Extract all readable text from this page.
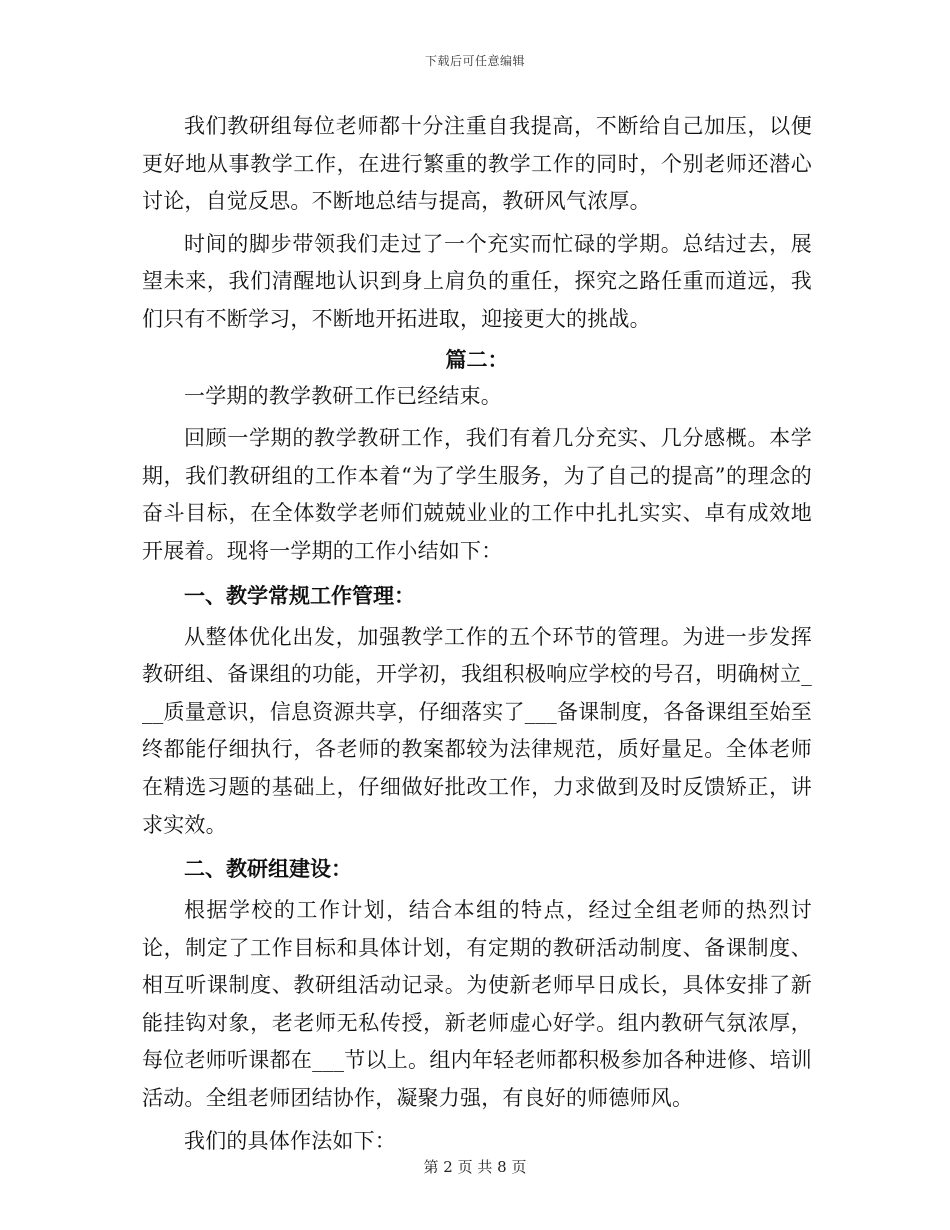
下载后可任意编辑

我们教研组每位老师都十分注重自我提高，不断给自己加压，以便更好地从事教学工作，在进行繁重的教学工作的同时，个别老师还潜心讨论，自觉反思。不断地总结与提高，教研风气浓厚。

时间的脚步带领我们走过了一个充实而忙碌的学期。总结过去，展望未来，我们清醒地认识到身上肩负的重任，探究之路任重而道远，我们只有不断学习，不断地开拓进取，迎接更大的挑战。

篇二：

一学期的教学教研工作已经结束。

回顾一学期的教学教研工作，我们有着几分充实、几分感概。本学期，我们教研组的工作本着“为了学生服务，为了自己的提高”的理念的奋斗目标，在全体数学老师们兢兢业业的工作中扎扎实实、卓有成效地开展着。现将一学期的工作小结如下：

一、教学常规工作管理：

从整体优化出发，加强教学工作的五个环节的管理。为进一步发挥教研组、备课组的功能，开学初，我组积极响应学校的号召，明确树立___质量意识，信息资源共享，仔细落实了___备课制度，各备课组至始至终都能仔细执行，各老师的教案都较为法律规范，质好量足。全体老师在精选习题的基础上，仔细做好批改工作，力求做到及时反馈矫正，讲求实效。

二、教研组建设：

根据学校的工作计划，结合本组的特点，经过全组老师的热烈讨论，制定了工作目标和具体计划，有定期的教研活动制度、备课制度、相互听课制度、教研组活动记录。为使新老师早日成长，具体安排了新能挂钩对象，老老师无私传授，新老师虚心好学。组内教研气氛浓厚，每位老师听课都在___节以上。组内年轻老师都积极参加各种进修、培训活动。全组老师团结协作，凝聚力强，有良好的师德师风。

我们的具体作法如下：

第 2 页 共 8 页
